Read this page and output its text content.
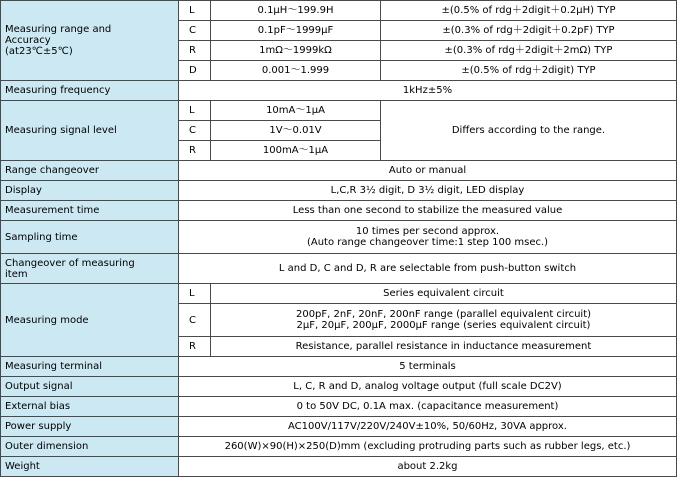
Measuring range and
Accuracy
(at23℃±5℃)	L	0.1μH〜199.9H	±(0.5% of rdg＋2digit＋0.2μH) TYP
	C	0.1pF〜1999μF	±(0.3% of rdg＋2digit＋0.2pF) TYP
	R	1mΩ〜1999kΩ	±(0.3% of rdg＋2digit＋2mΩ) TYP
	D	0.001〜1.999	±(0.5% of rdg＋2digit) TYP
Measuring frequency	1kHz±5%		
Measuring signal level	L	10mA〜1μA	Differs according to the range.
	C	1V〜0.01V	
	R	100mA〜1μA	
Range changeover	Auto or manual		
Display	L,C,R 3½ digit, D 3½ digit, LED display		
Measurement time	Less than one second to stabilize the measured value		
Sampling time	10 times per second approx.
(Auto range changeover time:1 step 100 msec.)		

Changeover of measuring
item	L and D, C and D, R are selectable from push-button switch		
Measuring mode	L	Series equivalent circuit	
	C	200pF, 2nF, 20nF, 200nF range (parallel equivalent circuit)
2μF, 20μF, 200μF, 2000μF range (series equivalent circuit)	

	R	Resistance, parallel resistance in inductance measurement	
Measuring terminal	5 terminals		
Output signal	L, C, R and D, analog voltage output (full scale DC2V)		
External bias	0 to 50V DC, 0.1A max. (capacitance measurement)		
Power supply	AC100V/117V/220V/240V±10%, 50/60Hz, 30VA approx.		
Outer dimension	260(W)×90(H)×250(D)mm (excluding protruding parts such as rubber legs, etc.)		
Weight	about 2.2kg		
